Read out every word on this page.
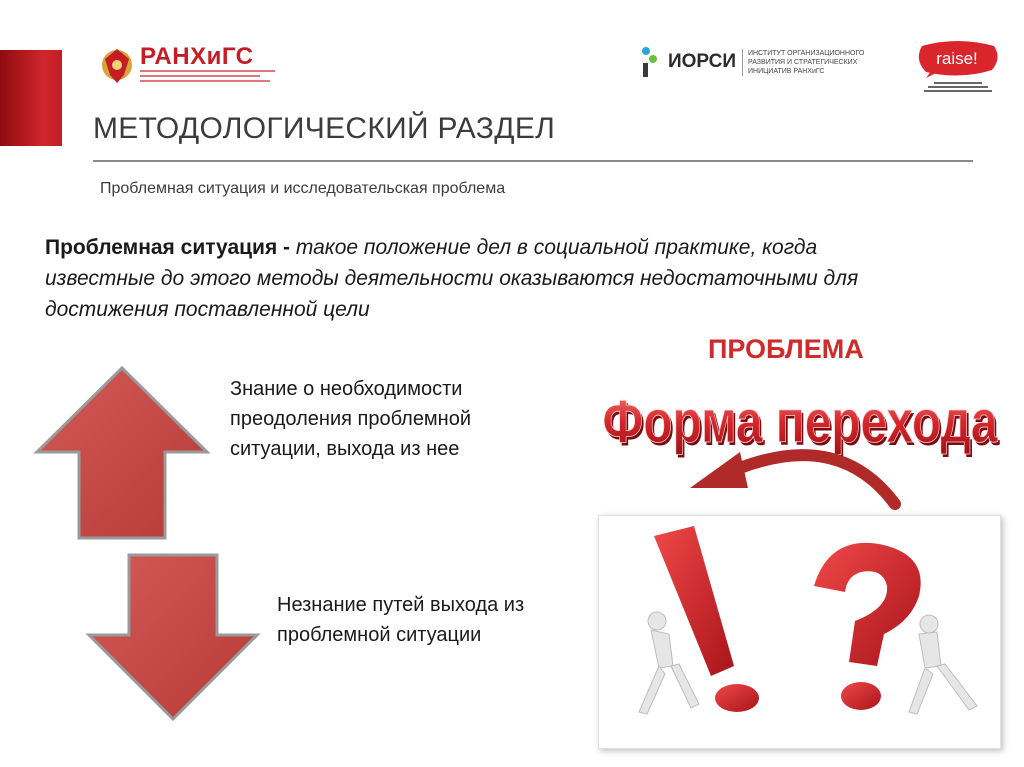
РАНХиГС	ИОРСИ	ИНСТИТУТ ОРГАНИЗАЦИОННОГО РАЗВИТИЯ И СТРАТЕГИЧЕСКИХ ИНИЦИАТИВ РАНХиГС
raise!
МЕТОДОЛОГИЧЕСКИЙ РАЗДЕЛ
Проблемная ситуация и исследовательская проблема
Проблемная ситуация - такое положение дел в социальной практике, когда известные до этого методы деятельности оказываются недостаточными для достижения поставленной цели
Знание о необходимости преодоления проблемной ситуации, выхода из нее
Незнание путей выхода из проблемной ситуации
ПРОБЛЕМА
Форма перехода
Форма перехода
